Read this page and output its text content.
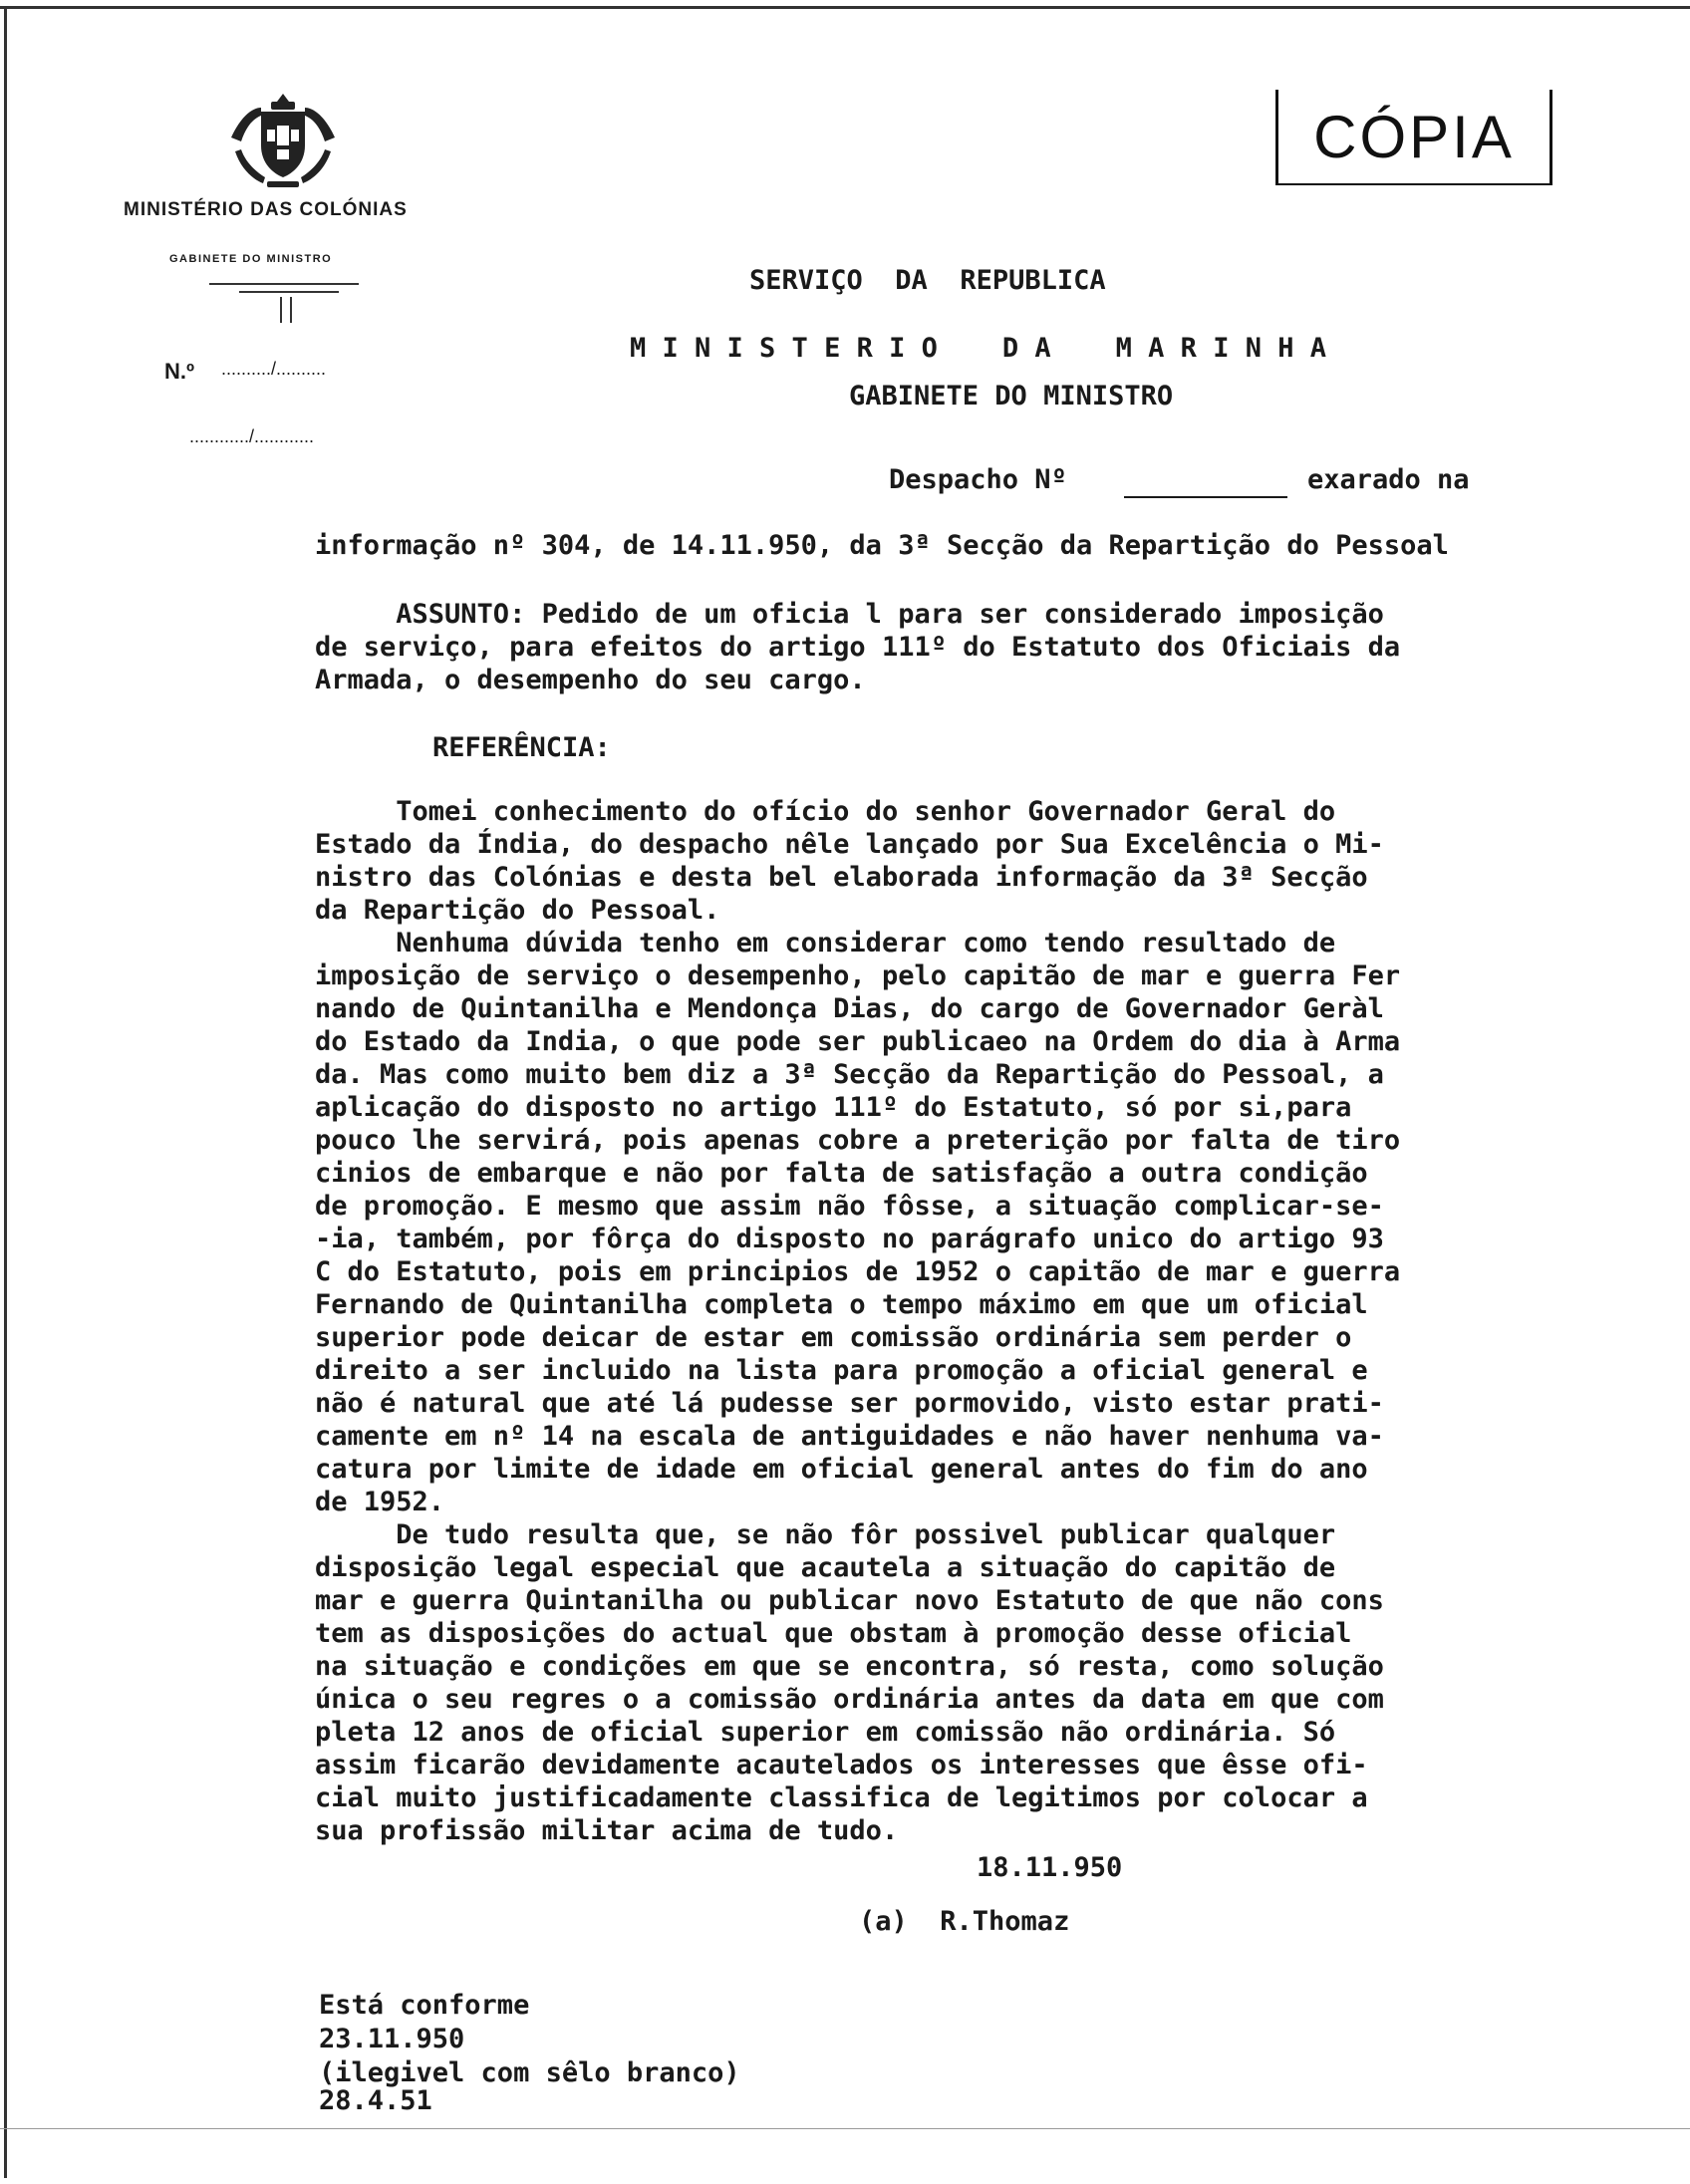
MINISTÉRIO DAS COLÓNIAS
GABINETE DO MINISTRO
N.º ........../..........
............/............
CÓPIA
SERVIÇO  DA  REPUBLICA
M I N I S T E R I O    D A    M A R I N H A
GABINETE DO MINISTRO
Despacho Nº	exarado na
informação nº 304, de 14.11.950, da 3ª Secção da Repartição do Pessoal
ASSUNTO: Pedido de um oficia l para ser considerado imposição
de serviço, para efeitos do artigo 111º do Estatuto dos Oficiais da
Armada, o desempenho do seu cargo.
REFERÊNCIA:
Tomei conhecimento do ofício do senhor Governador Geral do
Estado da Índia, do despacho nêle lançado por Sua Excelência o Mi-
nistro das Colónias e desta bel elaborada informação da 3ª Secção
da Repartição do Pessoal.
Nenhuma dúvida tenho em considerar como tendo resultado de
imposição de serviço o desempenho, pelo capitão de mar e guerra Fer
nando de Quintanilha e Mendonça Dias, do cargo de Governador Geràl
do Estado da India, o que pode ser publicaeo na Ordem do dia à Arma
da. Mas como muito bem diz a 3ª Secção da Repartição do Pessoal, a
aplicação do disposto no artigo 111º do Estatuto, só por si,para
pouco lhe servirá, pois apenas cobre a preterição por falta de tiro
cinios de embarque e não por falta de satisfação a outra condição
de promoção. E mesmo que assim não fôsse, a situação complicar-se-
-ia, também, por fôrça do disposto no parágrafo unico do artigo 93
C do Estatuto, pois em principios de 1952 o capitão de mar e guerra
Fernando de Quintanilha completa o tempo máximo em que um oficial
superior pode deicar de estar em comissão ordinária sem perder o
direito a ser incluido na lista para promoção a oficial general e
não é natural que até lá pudesse ser pormovido, visto estar prati-
camente em nº 14 na escala de antiguidades e não haver nenhuma va-
catura por limite de idade em oficial general antes do fim do ano
de 1952.
De tudo resulta que, se não fôr possivel publicar qualquer
disposição legal especial que acautela a situação do capitão de
mar e guerra Quintanilha ou publicar novo Estatuto de que não cons
tem as disposições do actual que obstam à promoção desse oficial
na situação e condições em que se encontra, só resta, como solução
única o seu regres o a comissão ordinária antes da data em que com
pleta 12 anos de oficial superior em comissão não ordinária. Só
assim ficarão devidamente acautelados os interesses que êsse ofi-
cial muito justificadamente classifica de legitimos por colocar a
sua profissão militar acima de tudo.
18.11.950
(a)  R.Thomaz
Está conforme
23.11.950
(ilegivel com sêlo branco)
28.4.51
